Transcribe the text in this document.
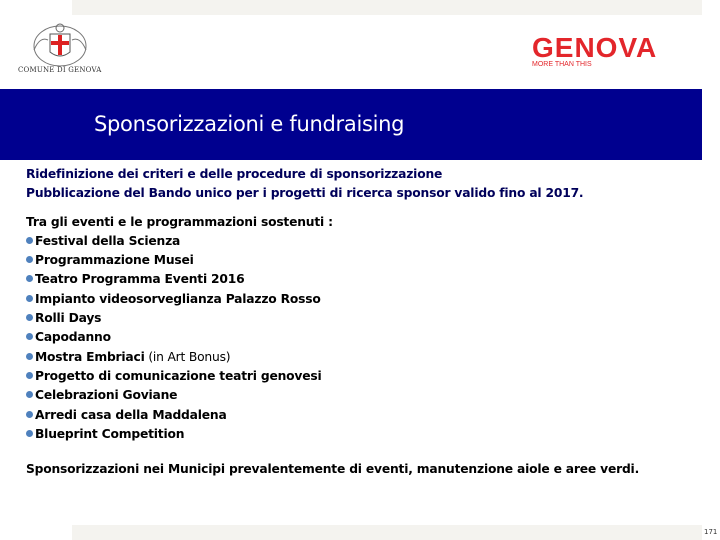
COMUNE DI GENOVA
GENOVA
MORE THAN THIS
Sponsorizzazioni e fundraising
Ridefinizione dei criteri e delle procedure di sponsorizzazione
Pubblicazione del Bando unico per i progetti di ricerca sponsor valido fino al 2017.
Tra gli eventi e le programmazioni sostenuti :
Festival della Scienza
Programmazione Musei
Teatro Programma Eventi 2016
Impianto videosorveglianza Palazzo Rosso
Rolli Days
Capodanno
Mostra Embriaci (in Art Bonus)
Progetto di comunicazione teatri genovesi
Celebrazioni Goviane
Arredi casa della Maddalena
Blueprint Competition
Sponsorizzazioni nei Municipi prevalentemente di eventi, manutenzione aiole e aree verdi.
171
